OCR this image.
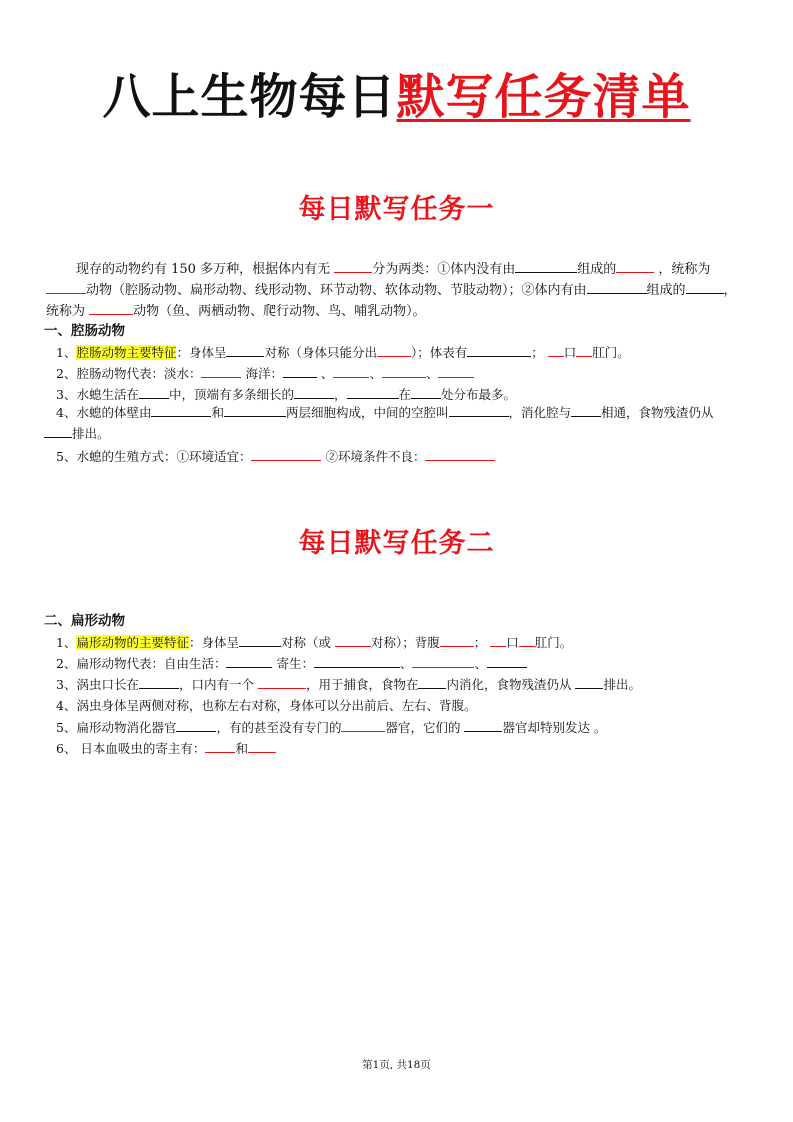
八上生物每日默写任务清单
每日默写任务一
现存的动物约有 150 多万种，根据体内有无	分为两类：①体内没有由	组成的	，统称为动物（腔肠动物、扁形动物、线形动物、环节动物、软体动物、节肢动物）；②体内有由	组成的	，统称为	动物（鱼、两栖动物、爬行动物、鸟、哺乳动物）。
一、腔肠动物
1、腔肠动物主要特征：身体呈	对称（身体只能分出	）；体表有	； 口 肛门。
2、腔肠动物代表：淡水：	海洋：	、	、	、
3、水螅生活在 中，顶端有多条细长的	，	在 处分布最多。
4、水螅的体壁由	和	两层细胞构成，中间的空腔叫	，消化腔与 相通，食物残渣仍从排出。
5、水螅的生殖方式：①环境适宜：	②环境条件不良：
每日默写任务二
二、扁形动物
1、扁形动物的主要特征：身体呈	对称（或	对称）；背腹	； 口 肛门。
2、扁形动物代表：自由生活：	寄生：	、	、
3、涡虫口长在	，口内有一个	，用于捕食，食物在 内消化，食物残渣仍从 排出。
4、涡虫身体呈两侧对称，也称左右对称，身体可以分出前后、左右、背腹。
5、扁形动物消化器官	，有的甚至没有专门的	器官，它们的	器官却特别发达 。
6、 日本血吸虫的寄主有： 和
第1页, 共18页
